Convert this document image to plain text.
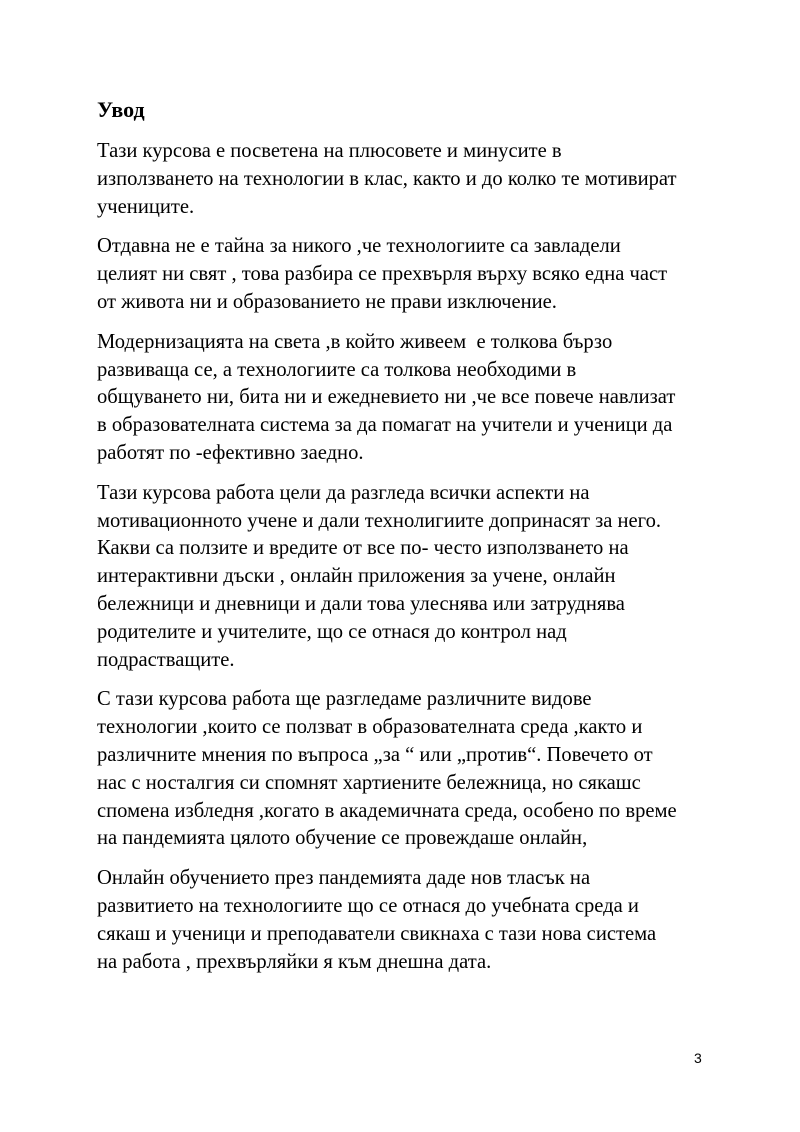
Увод
Тази курсова е посветена на плюсовете и минусите в
използването на технологии в клас, както и до колко те мотивират
учениците.
Отдавна не е тайна за никого ,че технологиите са завладели
целият ни свят , това разбира се прехвърля върху всяко една част
от живота ни и образованието не прави изключение.
Модернизацията на света ,в който живеем  е толкова бързо
развиваща се, а технологиите са толкова необходими в
общуването ни, бита ни и ежедневието ни ,че все повече навлизат
в образователната система за да помагат на учители и ученици да
работят по -ефективно заедно.
Тази курсова работа цели да разгледа всички аспекти на
мотивационното учене и дали технолигиите допринасят за него.
Какви са ползите и вредите от все по- често използването на
интерактивни дъски , онлайн приложения за учене, онлайн
бележници и дневници и дали това улеснява или затруднява
родителите и учителите, що се отнася до контрол над
подрастващите.
С тази курсова работа ще разгледаме различните видове
технологии ,които се ползват в образователната среда ,както и
различните мнения по въпроса „за “ или „против“. Повечето от
нас с носталгия си спомнят хартиените бележница, но сякашс
спомена избледня ,когато в академичната среда, особено по време
на пандемията цялото обучение се провеждаше онлайн,
Онлайн обучението през пандемията даде нов тласък на
развитието на технологиите що се отнася до учебната среда и
сякаш и ученици и преподаватели свикнаха с тази нова система
на работа , прехвърляйки я към днешна дата.
3
